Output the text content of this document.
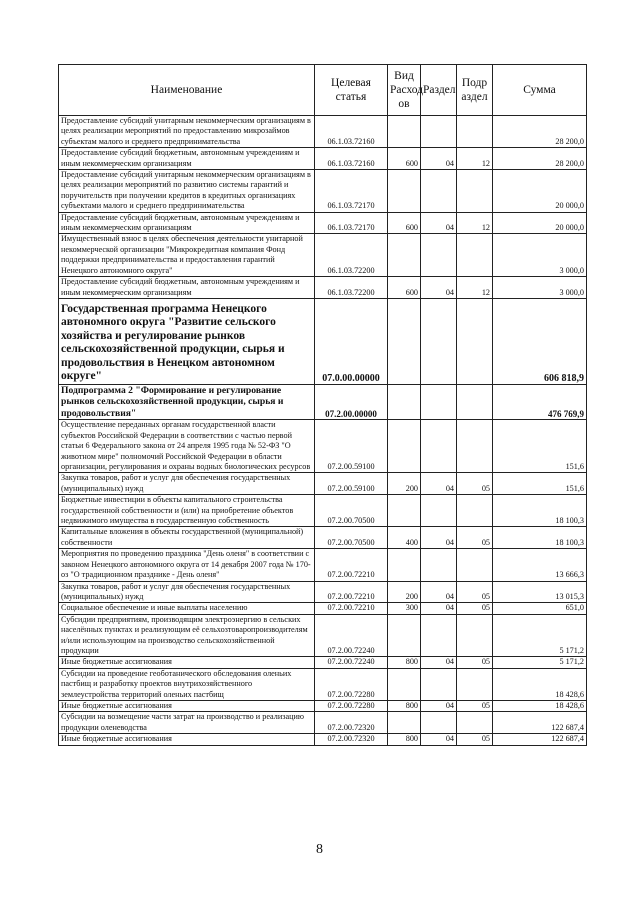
Наименование	Целевая статья	Вид Расход ов	Раздел	Подр аздел	Сумма
Предоставление субсидий унитарным некоммерческим организациям в целях реализации мероприятий по предоставлению микрозаймов субъектам малого и среднего предпринимательства	06.1.03.72160				28 200,0
Предоставление субсидий бюджетным, автономным учреждениям и иным некоммерческим организациям	06.1.03.72160	600	04	12	28 200,0
Предоставление субсидий унитарным некоммерческим организациям в целях реализации мероприятий по развитию системы гарантий и поручительств при получении кредитов в кредитных организациях субъектами малого и среднего предпринимательства	06.1.03.72170				20 000,0
Предоставление субсидий бюджетным, автономным учреждениям и иным некоммерческим организациям	06.1.03.72170	600	04	12	20 000,0
Имущественный взнос в целях обеспечения деятельности унитарной некоммерческой организации "Микрокредитная компания Фонд поддержки предпринимательства и предоставления гарантий Ненецкого автономного округа"	06.1.03.72200				3 000,0
Предоставление субсидий бюджетным, автономным учреждениям и иным некоммерческим организациям	06.1.03.72200	600	04	12	3 000,0
Государственная программа Ненецкого автономного округа "Развитие сельского хозяйства и регулирование рынков сельскохозяйственной продукции, сырья и продовольствия в Ненецком автономном округе"	07.0.00.00000				606 818,9
Подпрограмма 2 "Формирование и регулирование рынков сельскохозяйственной продукции, сырья и продовольствия"	07.2.00.00000				476 769,9
Осуществление переданных органам государственной власти субъектов Российской Федерации в соответствии с частью первой статьи 6 Федерального закона от 24 апреля 1995 года № 52-ФЗ "О животном мире" полномочий Российской Федерации в области организации, регулирования и охраны водных биологических ресурсов	07.2.00.59100				151,6
Закупка товаров, работ и услуг для обеспечения государственных (муниципальных) нужд	07.2.00.59100	200	04	05	151,6
Бюджетные инвестиции в объекты капитального строительства государственной собственности и (или) на приобретение объектов недвижимого имущества в государственную собственность	07.2.00.70500				18 100,3
Капитальные вложения в объекты государственной (муниципальной) собственности	07.2.00.70500	400	04	05	18 100,3
Мероприятия по проведению праздника "День оленя" в соответствии с законом Ненецкого автономного округа от 14 декабря 2007 года № 170-оз "О традиционном празднике - День оленя"	07.2.00.72210				13 666,3
Закупка товаров, работ и услуг для обеспечения государственных (муниципальных) нужд	07.2.00.72210	200	04	05	13 015,3
Социальное обеспечение и иные выплаты населению	07.2.00.72210	300	04	05	651,0
Субсидии предприятиям, производящим электроэнергию в сельских населённых пунктах и реализующим её сельхозтоваропроизводителям и/или использующим на производство сельскохозяйственной продукции	07.2.00.72240				5 171,2
Иные бюджетные ассигнования	07.2.00.72240	800	04	05	5 171,2
Субсидии на проведение геоботанического обследования оленьих пастбищ и разработку проектов внутрихозяйственного землеустройства территорий оленьих пастбищ	07.2.00.72280				18 428,6
Иные бюджетные ассигнования	07.2.00.72280	800	04	05	18 428,6
Субсидии на возмещение части затрат на производство и реализацию продукции оленеводства	07.2.00.72320				122 687,4
Иные бюджетные ассигнования	07.2.00.72320	800	04	05	122 687,4
8
